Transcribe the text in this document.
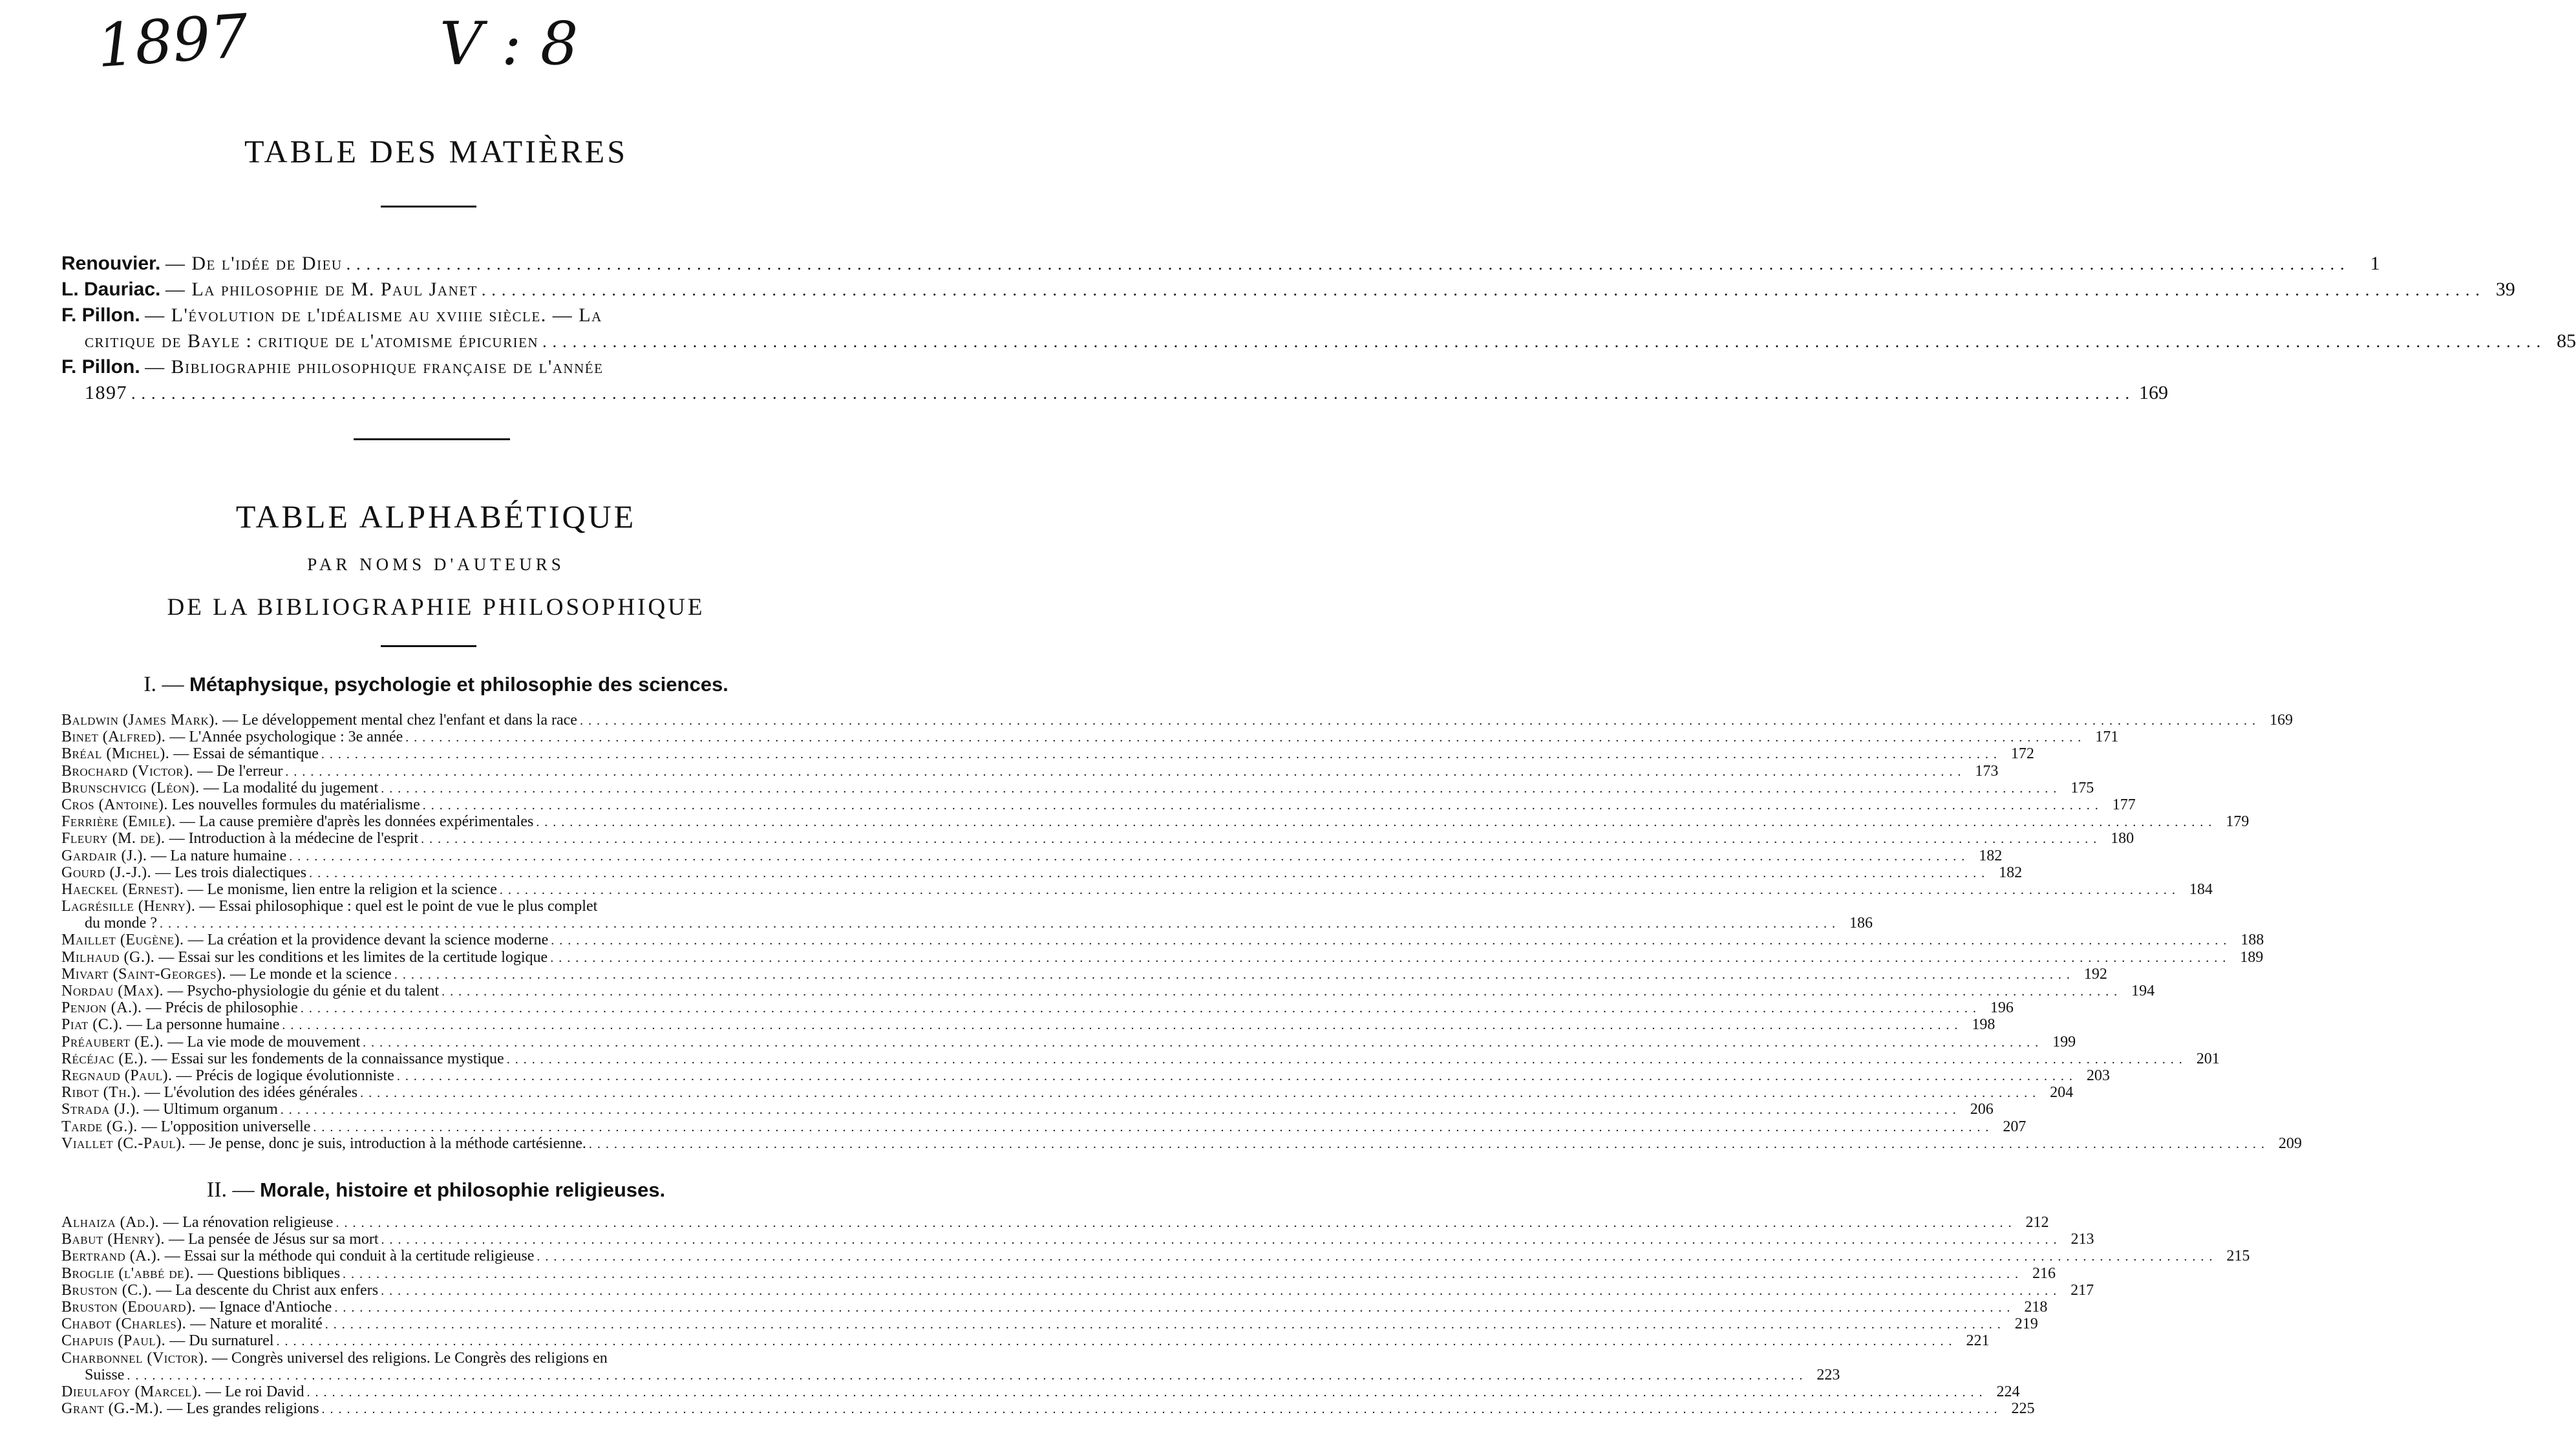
1897	V : 8
TABLE DES MATIÈRES
Renouvier.
— De l'idée de Dieu ........................................................................................................................................................................................................	1
L. Dauriac.
— La philosophie de M. Paul Janet ........................................................................................................................................................................................................ 39
F. Pillon.
— L'évolution de l'idéalisme au xviiie siècle. — La
critique de Bayle : critique de l'atomisme épicurien ........................................................................................................................................................................................................ 85
F. Pillon.
— Bibliographie philosophique française de l'année
1897 ........................................................................................................................................................................................................ 169
TABLE ALPHABÉTIQUE
PAR NOMS D'AUTEURS
DE LA BIBLIOGRAPHIE PHILOSOPHIQUE
I. — Métaphysique, psychologie et philosophie des sciences.
Baldwin (James Mark).
— Le développement mental chez l'enfant et dans la race ........................................................................................................................................................................................................ 169
Binet (Alfred).
— L'Année psychologique : 3e année ........................................................................................................................................................................................................ 171
Bréal (Michel).
— Essai de sémantique ........................................................................................................................................................................................................ 172
Brochard (Victor).
— De l'erreur ........................................................................................................................................................................................................ 173
Brunschvicg (Léon).
— La modalité du jugement ........................................................................................................................................................................................................ 175
Cros (Antoine).
Les nouvelles formules du matérialisme ........................................................................................................................................................................................................ 177
Ferrière (Emile).
— La cause première d'après les données expérimentales ........................................................................................................................................................................................................ 179
Fleury (M. de).
— Introduction à la médecine de l'esprit ........................................................................................................................................................................................................ 180
Gardair (J.).
— La nature humaine ........................................................................................................................................................................................................ 182
Gourd (J.-J.).
— Les trois dialectiques ........................................................................................................................................................................................................ 182
Haeckel (Ernest).
— Le monisme, lien entre la religion et la science ........................................................................................................................................................................................................ 184
Lagrésille (Henry).
— Essai philosophique : quel est le point de vue le plus complet
du monde ? ........................................................................................................................................................................................................ 186
Maillet (Eugène).
— La création et la providence devant la science moderne ........................................................................................................................................................................................................ 188
Milhaud (G.).
— Essai sur les conditions et les limites de la certitude logique ........................................................................................................................................................................................................ 189
Mivart (Saint-Georges).
— Le monde et la science ........................................................................................................................................................................................................ 192
Nordau (Max).
— Psycho-physiologie du génie et du talent ........................................................................................................................................................................................................ 194
Penjon (A.).
— Précis de philosophie ........................................................................................................................................................................................................ 196
Piat (C.).
— La personne humaine ........................................................................................................................................................................................................ 198
Préaubert (E.).
— La vie mode de mouvement ........................................................................................................................................................................................................ 199
Récéjac (E.).
— Essai sur les fondements de la connaissance mystique ........................................................................................................................................................................................................ 201
Regnaud (Paul).
— Précis de logique évolutionniste ........................................................................................................................................................................................................ 203
Ribot (Th.).
— L'évolution des idées générales ........................................................................................................................................................................................................ 204
Strada (J.).
— Ultimum organum ........................................................................................................................................................................................................ 206
Tarde (G.).
— L'opposition universelle ........................................................................................................................................................................................................ 207
Viallet (C.-Paul).
— Je pense, donc je suis, introduction à la méthode cartésienne. ........................................................................................................................................................................................................ 209
II. — Morale, histoire et philosophie religieuses.
Alhaiza (Ad.).
— La rénovation religieuse ........................................................................................................................................................................................................ 212
Babut (Henry).
— La pensée de Jésus sur sa mort ........................................................................................................................................................................................................ 213
Bertrand (A.).
— Essai sur la méthode qui conduit à la certitude religieuse ........................................................................................................................................................................................................ 215
Broglie (l'abbé de).
— Questions bibliques ........................................................................................................................................................................................................ 216
Bruston (C.).
— La descente du Christ aux enfers ........................................................................................................................................................................................................ 217
Bruston (Edouard).
— Ignace d'Antioche ........................................................................................................................................................................................................ 218
Chabot (Charles).
— Nature et moralité ........................................................................................................................................................................................................ 219
Chapuis (Paul).
— Du surnaturel ........................................................................................................................................................................................................ 221
Charbonnel (Victor).
— Congrès universel des religions. Le Congrès des religions en
Suisse ........................................................................................................................................................................................................ 223
Dieulafoy (Marcel).
— Le roi David ........................................................................................................................................................................................................ 224
Grant (G.-M.).
— Les grandes religions ........................................................................................................................................................................................................ 225
